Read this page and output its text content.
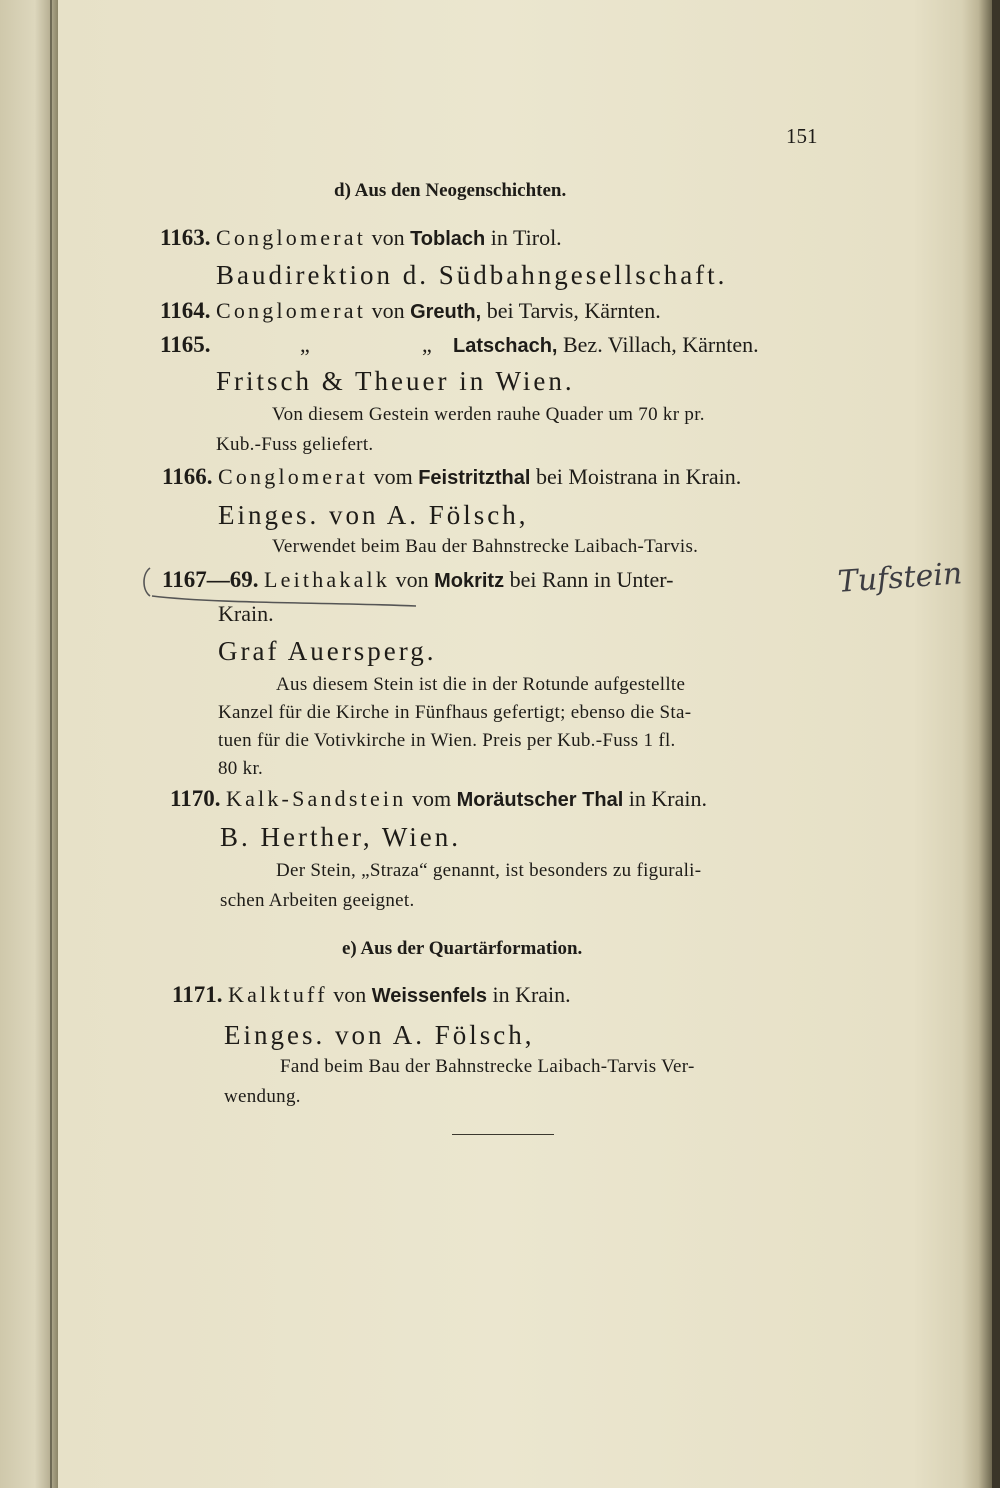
151
d) Aus den Neogenschichten.
1163. Conglomerat von Toblach in Tirol.
Baudirektion d. Südbahngesellschaft.
1164. Conglomerat von Greuth, bei Tarvis, Kärnten.
1165.	„	„ Latschach, Bez. Villach, Kärnten.
Fritsch & Theuer in Wien.
Von diesem Gestein werden rauhe Quader um 70 kr pr.
Kub.-Fuss geliefert.
1166. Conglomerat vom Feistritzthal bei Moistrana in Krain.
Einges. von A. Fölsch,
Verwendet beim Bau der Bahnstrecke Laibach-Tarvis.
1167—69. Leithakalk von Mokritz bei Rann in Unter-
Krain.
Tufstein
Graf Auersperg.
Aus diesem Stein ist die in der Rotunde aufgestellte
Kanzel für die Kirche in Fünfhaus gefertigt; ebenso die Sta-
tuen für die Votivkirche in Wien. Preis per Kub.-Fuss 1 fl.
80 kr.
1170. Kalk-Sandstein vom Moräutscher Thal in Krain.
B. Herther, Wien.
Der Stein, „Straza“ genannt, ist besonders zu figurali-
schen Arbeiten geeignet.
e) Aus der Quartärformation.
1171. Kalktuff von Weissenfels in Krain.
Einges. von A. Fölsch,
Fand beim Bau der Bahnstrecke Laibach-Tarvis Ver-
wendung.
